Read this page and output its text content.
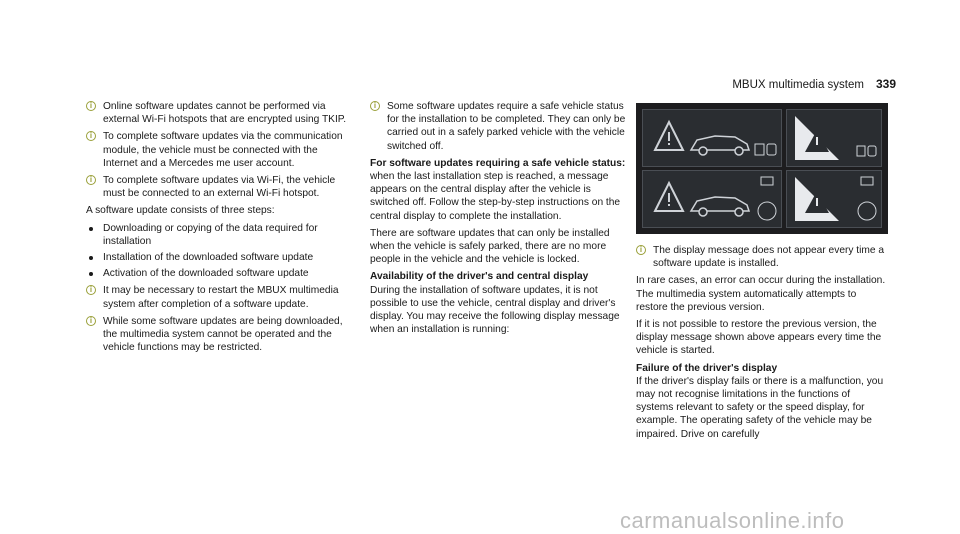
MBUX multimedia system 339
i	Online software updates cannot be performed via external Wi-Fi hotspots that are encrypted using TKIP.
i	To complete software updates via the communication module, the vehicle must be connected with the Internet and a Mercedes me user account.
i	To complete software updates via Wi-Fi, the vehicle must be connected to an external Wi-Fi hotspot.

A software update consists of three steps:

Downloading or copying of the data required for installation
Installation of the downloaded software update
Activation of the downloaded software update
i	It may be necessary to restart the MBUX multimedia system after completion of a software update.
i	While some software updates are being downloaded, the multimedia system cannot be operated and the vehicle functions may be restricted.
i	Some software updates require a safe vehicle status for the installation to be completed. They can only be carried out in a safely parked vehicle with the vehicle switched off.

For software updates requiring a safe vehicle status: when the last installation step is reached, a message appears on the central display after the vehicle is switched off. Follow the step-by-step instructions on the central display to complete the installation.

There are software updates that can only be installed when the vehicle is safely parked, there are no more people in the vehicle and the vehicle is locked.

Availability of the driver's and central display

During the installation of software updates, it is not possible to use the vehicle, central display and driver's display. You may receive the following display message when an installation is running:

i	The display message does not appear every time a software update is installed.

In rare cases, an error can occur during the installation. The multimedia system automatically attempts to restore the previous version.

If it is not possible to restore the previous version, the display message shown above appears every time the vehicle is started.

Failure of the driver's display

If the driver's display fails or there is a malfunction, you may not recognise limitations in the functions of systems relevant to safety or the speed display, for example. The operating safety of the vehicle may be impaired. Drive on carefully

carmanualsonline.info
